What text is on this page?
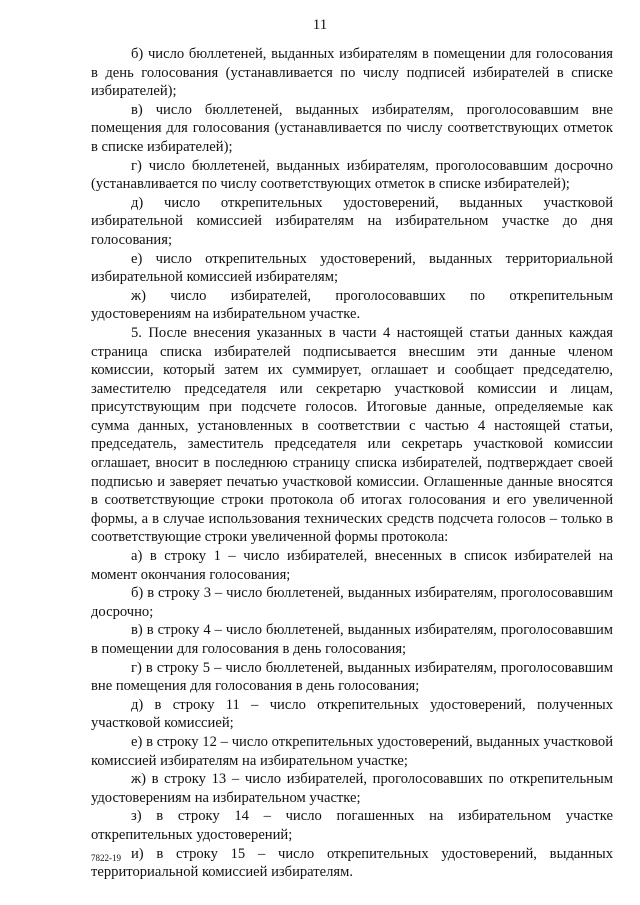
11

б) число бюллетеней, выданных избирателям в помещении для голосования в день голосования (устанавливается по числу подписей избирателей в списке избирателей);

в) число бюллетеней, выданных избирателям, проголосовавшим вне помещения для голосования (устанавливается по числу соответствующих отметок в списке избирателей);

г) число бюллетеней, выданных избирателям, проголосовавшим досрочно (устанавливается по числу соответствующих отметок в списке избирателей);

д) число открепительных удостоверений, выданных участковой избирательной комиссией избирателям на избирательном участке до дня голосования;

е) число открепительных удостоверений, выданных территориальной избирательной комиссией избирателям;

ж) число избирателей, проголосовавших по открепительным удостоверениям на избирательном участке.

5. После внесения указанных в части 4 настоящей статьи данных каждая страница списка избирателей подписывается внесшим эти данные членом комиссии, который затем их суммирует, оглашает и сообщает председателю, заместителю председателя или секретарю участковой комиссии и лицам, присутствующим при подсчете голосов. Итоговые данные, определяемые как сумма данных, установленных в соответствии с частью 4 настоящей статьи, председатель, заместитель председателя или секретарь участковой комиссии оглашает, вносит в последнюю страницу списка избирателей, подтверждает своей подписью и заверяет печатью участковой комиссии. Оглашенные данные вносятся в соответствующие строки протокола об итогах голосования и его увеличенной формы, а в случае использования технических средств подсчета голосов – только в соответствующие строки увеличенной формы протокола:

а) в строку 1 – число избирателей, внесенных в список избирателей на момент окончания голосования;

б) в строку 3 – число бюллетеней, выданных избирателям, проголосовавшим досрочно;

в) в строку 4 – число бюллетеней, выданных избирателям, проголосовавшим в помещении для голосования в день голосования;

г) в строку 5 – число бюллетеней, выданных избирателям, проголосовавшим вне помещения для голосования в день голосования;

д) в строку 11 – число открепительных удостоверений, полученных участковой комиссией;

е) в строку 12 – число открепительных удостоверений, выданных участковой комиссией избирателям на избирательном участке;

ж) в строку 13 – число избирателей, проголосовавших по открепительным удостоверениям на избирательном участке;

з) в строку 14 – число погашенных на избирательном участке открепительных удостоверений;

и) в строку 15 – число открепительных удостоверений, выданных территориальной комиссией избирателям.

7822-19
